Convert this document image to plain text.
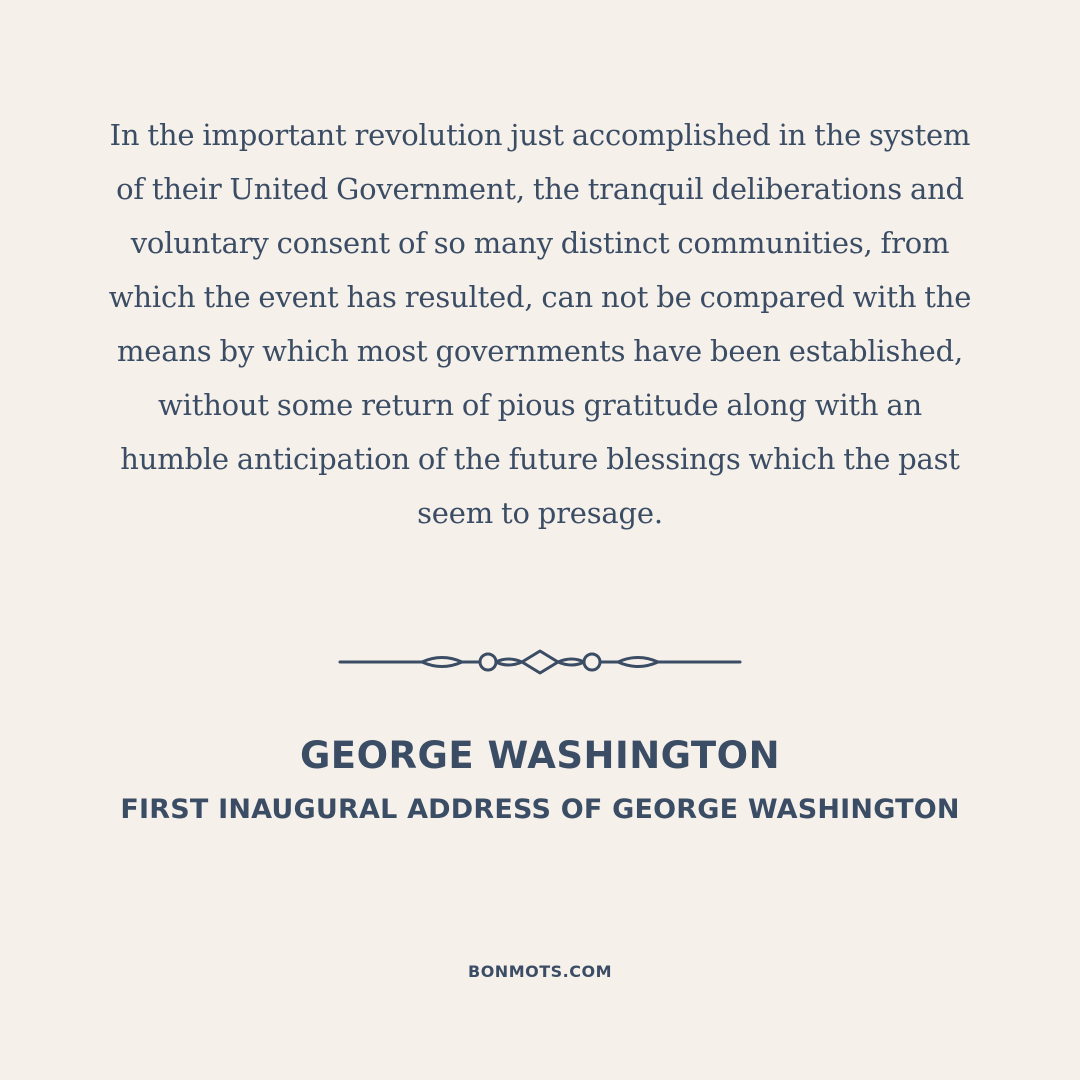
In the important revolution just accomplished in the system of their United Government, the tranquil deliberations and voluntary consent of so many distinct communities, from which the event has resulted, can not be compared with the means by which most governments have been established, without some return of pious gratitude along with an humble anticipation of the future blessings which the past seem to presage.

GEORGE WASHINGTON
FIRST INAUGURAL ADDRESS OF GEORGE WASHINGTON
BONMOTS.COM
